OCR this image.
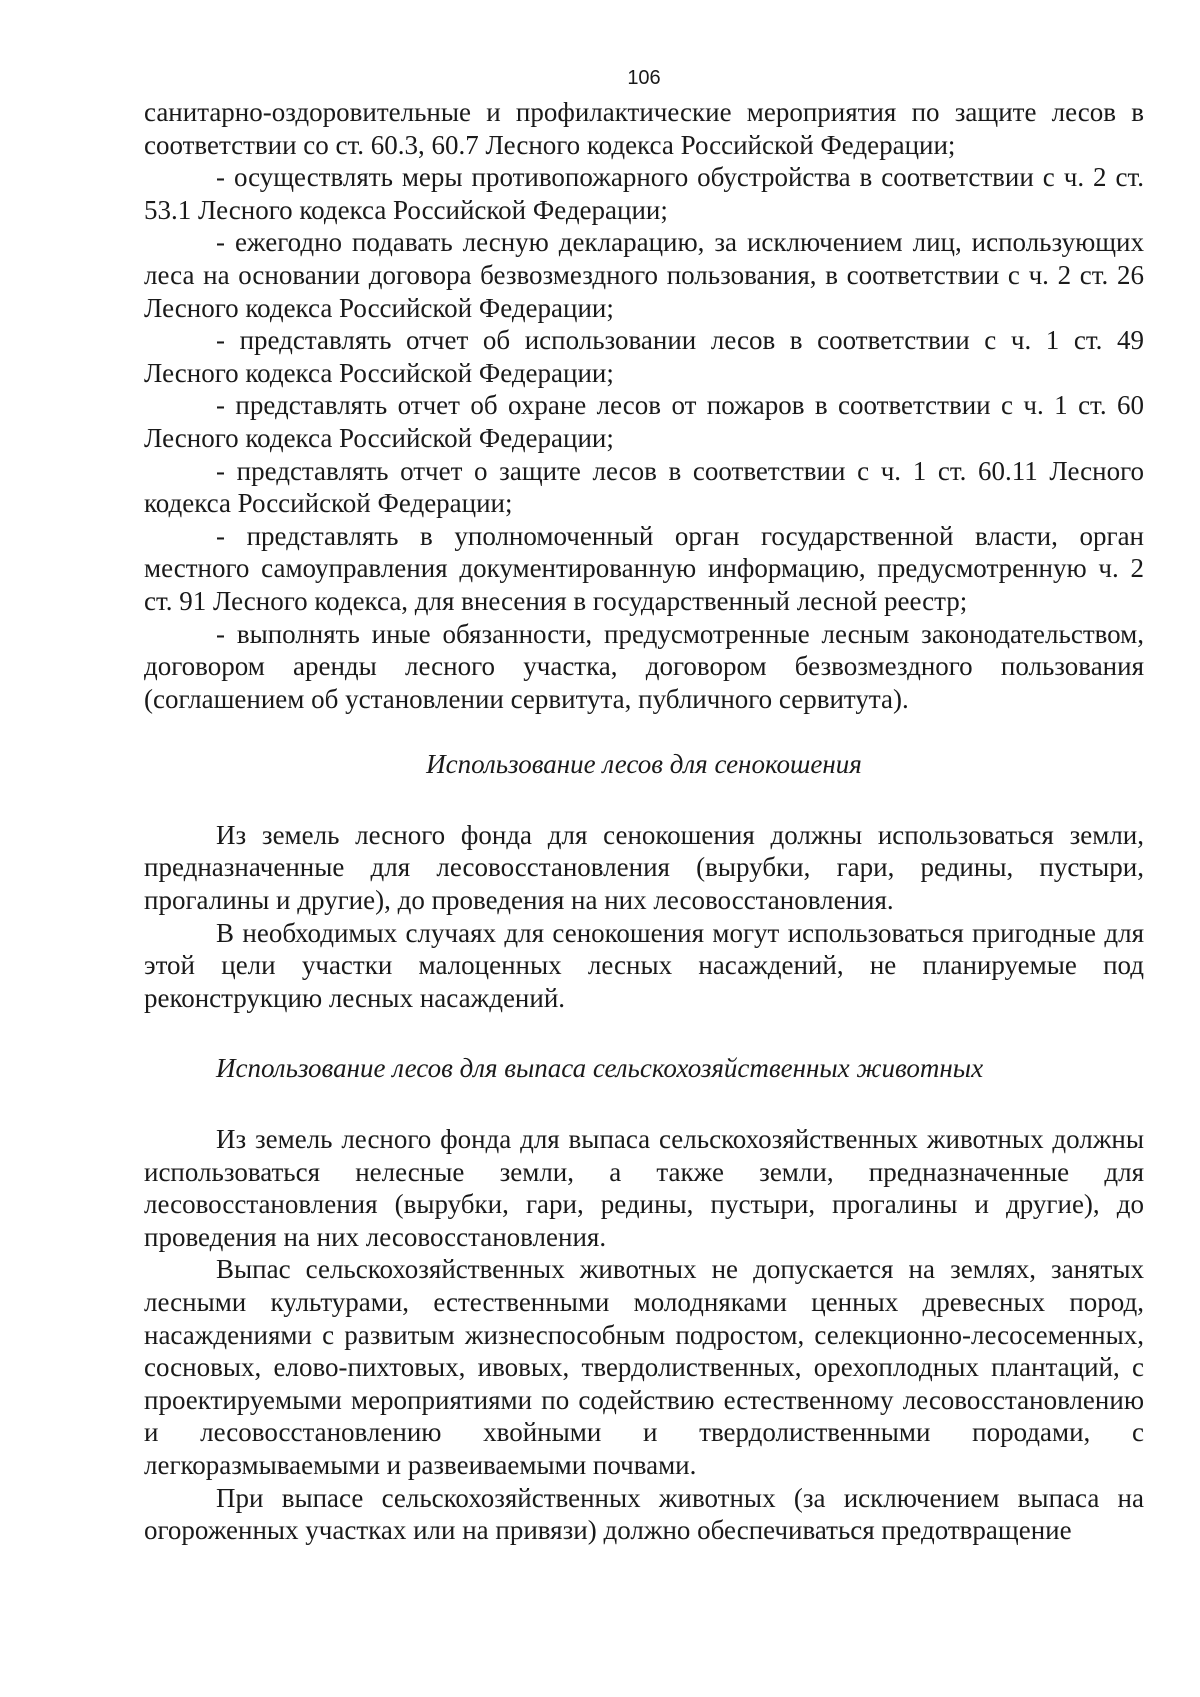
106

санитарно-оздоровительные и профилактические мероприятия по защите лесов в соответствии со ст. 60.3, 60.7 Лесного кодекса Российской Федерации;

- осуществлять меры противопожарного обустройства в соответствии с ч. 2 ст. 53.1 Лесного кодекса Российской Федерации;

- ежегодно подавать лесную декларацию, за исключением лиц, использующих леса на основании договора безвозмездного пользования, в соответствии с ч. 2 ст. 26 Лесного кодекса Российской Федерации;

- представлять отчет об использовании лесов в соответствии с ч. 1 ст. 49 Лесного кодекса Российской Федерации;

- представлять отчет об охране лесов от пожаров в соответствии с ч. 1 ст. 60 Лесного кодекса Российской Федерации;

- представлять отчет о защите лесов в соответствии с ч. 1 ст. 60.11 Лесного кодекса Российской Федерации;

- представлять в уполномоченный орган государственной власти, орган местного самоуправления документированную информацию, предусмотренную ч. 2 ст. 91 Лесного кодекса, для внесения в государственный лесной реестр;

- выполнять иные обязанности, предусмотренные лесным законодательством, договором аренды лесного участка, договором безвозмездного пользования (соглашением об установлении сервитута, публичного сервитута).

Использование лесов для сенокошения

Из земель лесного фонда для сенокошения должны использоваться земли, предназначенные для лесовосстановления (вырубки, гари, редины, пустыри, прогалины и другие), до проведения на них лесовосстановления.

В необходимых случаях для сенокошения могут использоваться пригодные для этой цели участки малоценных лесных насаждений, не планируемые под реконструкцию лесных насаждений.

Использование лесов для выпаса сельскохозяйственных животных

Из земель лесного фонда для выпаса сельскохозяйственных животных должны использоваться нелесные земли, а также земли, предназначенные для лесовосстановления (вырубки, гари, редины, пустыри, прогалины и другие), до проведения на них лесовосстановления.

Выпас сельскохозяйственных животных не допускается на землях, занятых лесными культурами, естественными молодняками ценных древесных пород, насаждениями с развитым жизнеспособным подростом, селекционно-лесосеменных, сосновых, елово-пихтовых, ивовых, твердолиственных, орехоплодных плантаций, с проектируемыми мероприятиями по содействию естественному лесовосстановлению и лесовосстановлению хвойными и твердолиственными породами, с легкоразмываемыми и развеиваемыми почвами.

При выпасе сельскохозяйственных животных (за исключением выпаса на огороженных участках или на привязи) должно обеспечиваться предотвращение
